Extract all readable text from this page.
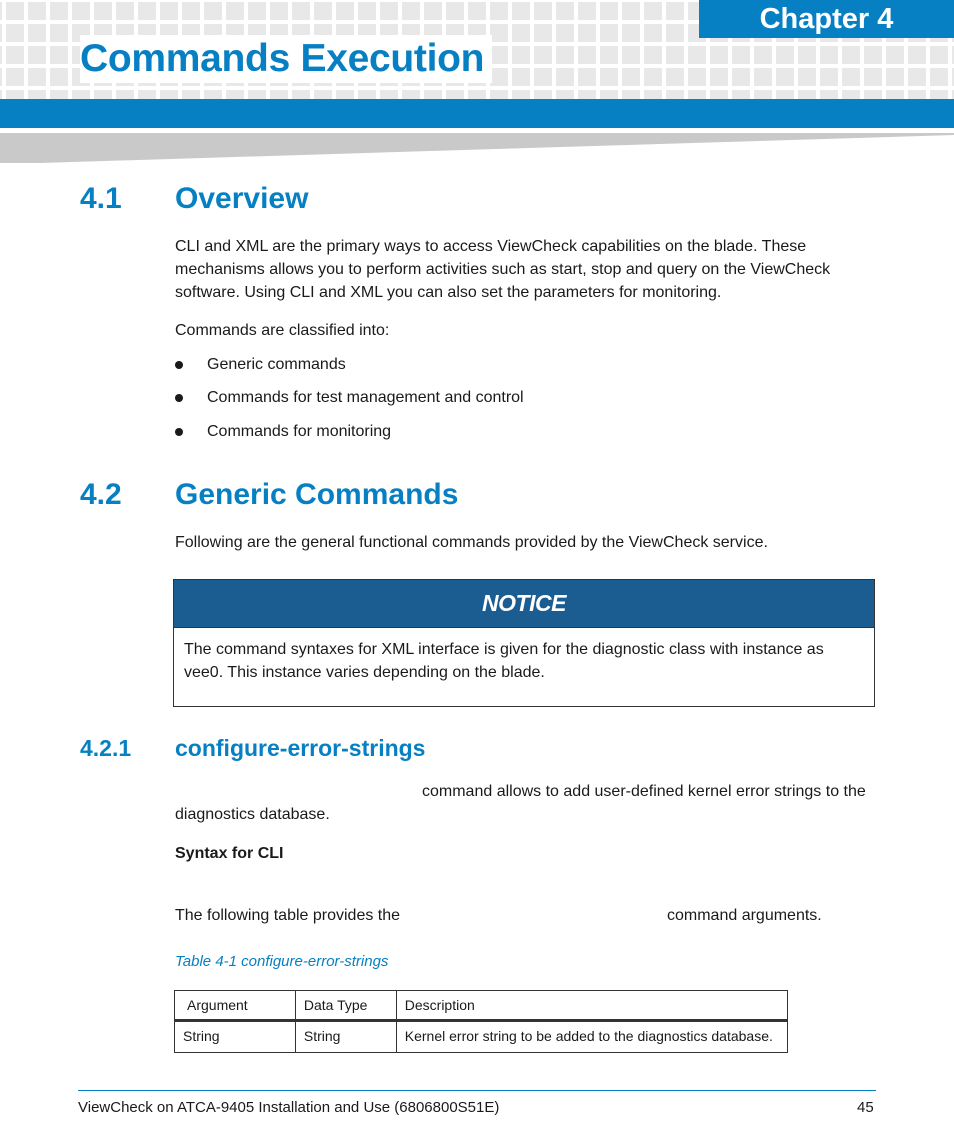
Chapter 4
Commands Execution
4.1 Overview
CLI and XML are the primary ways to access ViewCheck capabilities on the blade. These mechanisms allows you to perform activities such as start, stop and query on the ViewCheck software. Using CLI and XML you can also set the parameters for monitoring.
Commands are classified into:
Generic commands
Commands for test management and control
Commands for monitoring
4.2 Generic Commands
Following are the general functional commands provided by the ViewCheck service.
NOTICE
The command syntaxes for XML interface is given for the diagnostic class with instance as vee0. This instance varies depending on the blade.
4.2.1 configure-error-strings
command allows to add user-defined kernel error strings to the diagnostics database.
Syntax for CLI
The following table provides the	command arguments.
Table 4-1 configure-error-strings
Argument	Data Type	Description
String	String	Kernel error string to be added to the diagnostics database.
ViewCheck on ATCA-9405 Installation and Use (6806800S51E)	45
